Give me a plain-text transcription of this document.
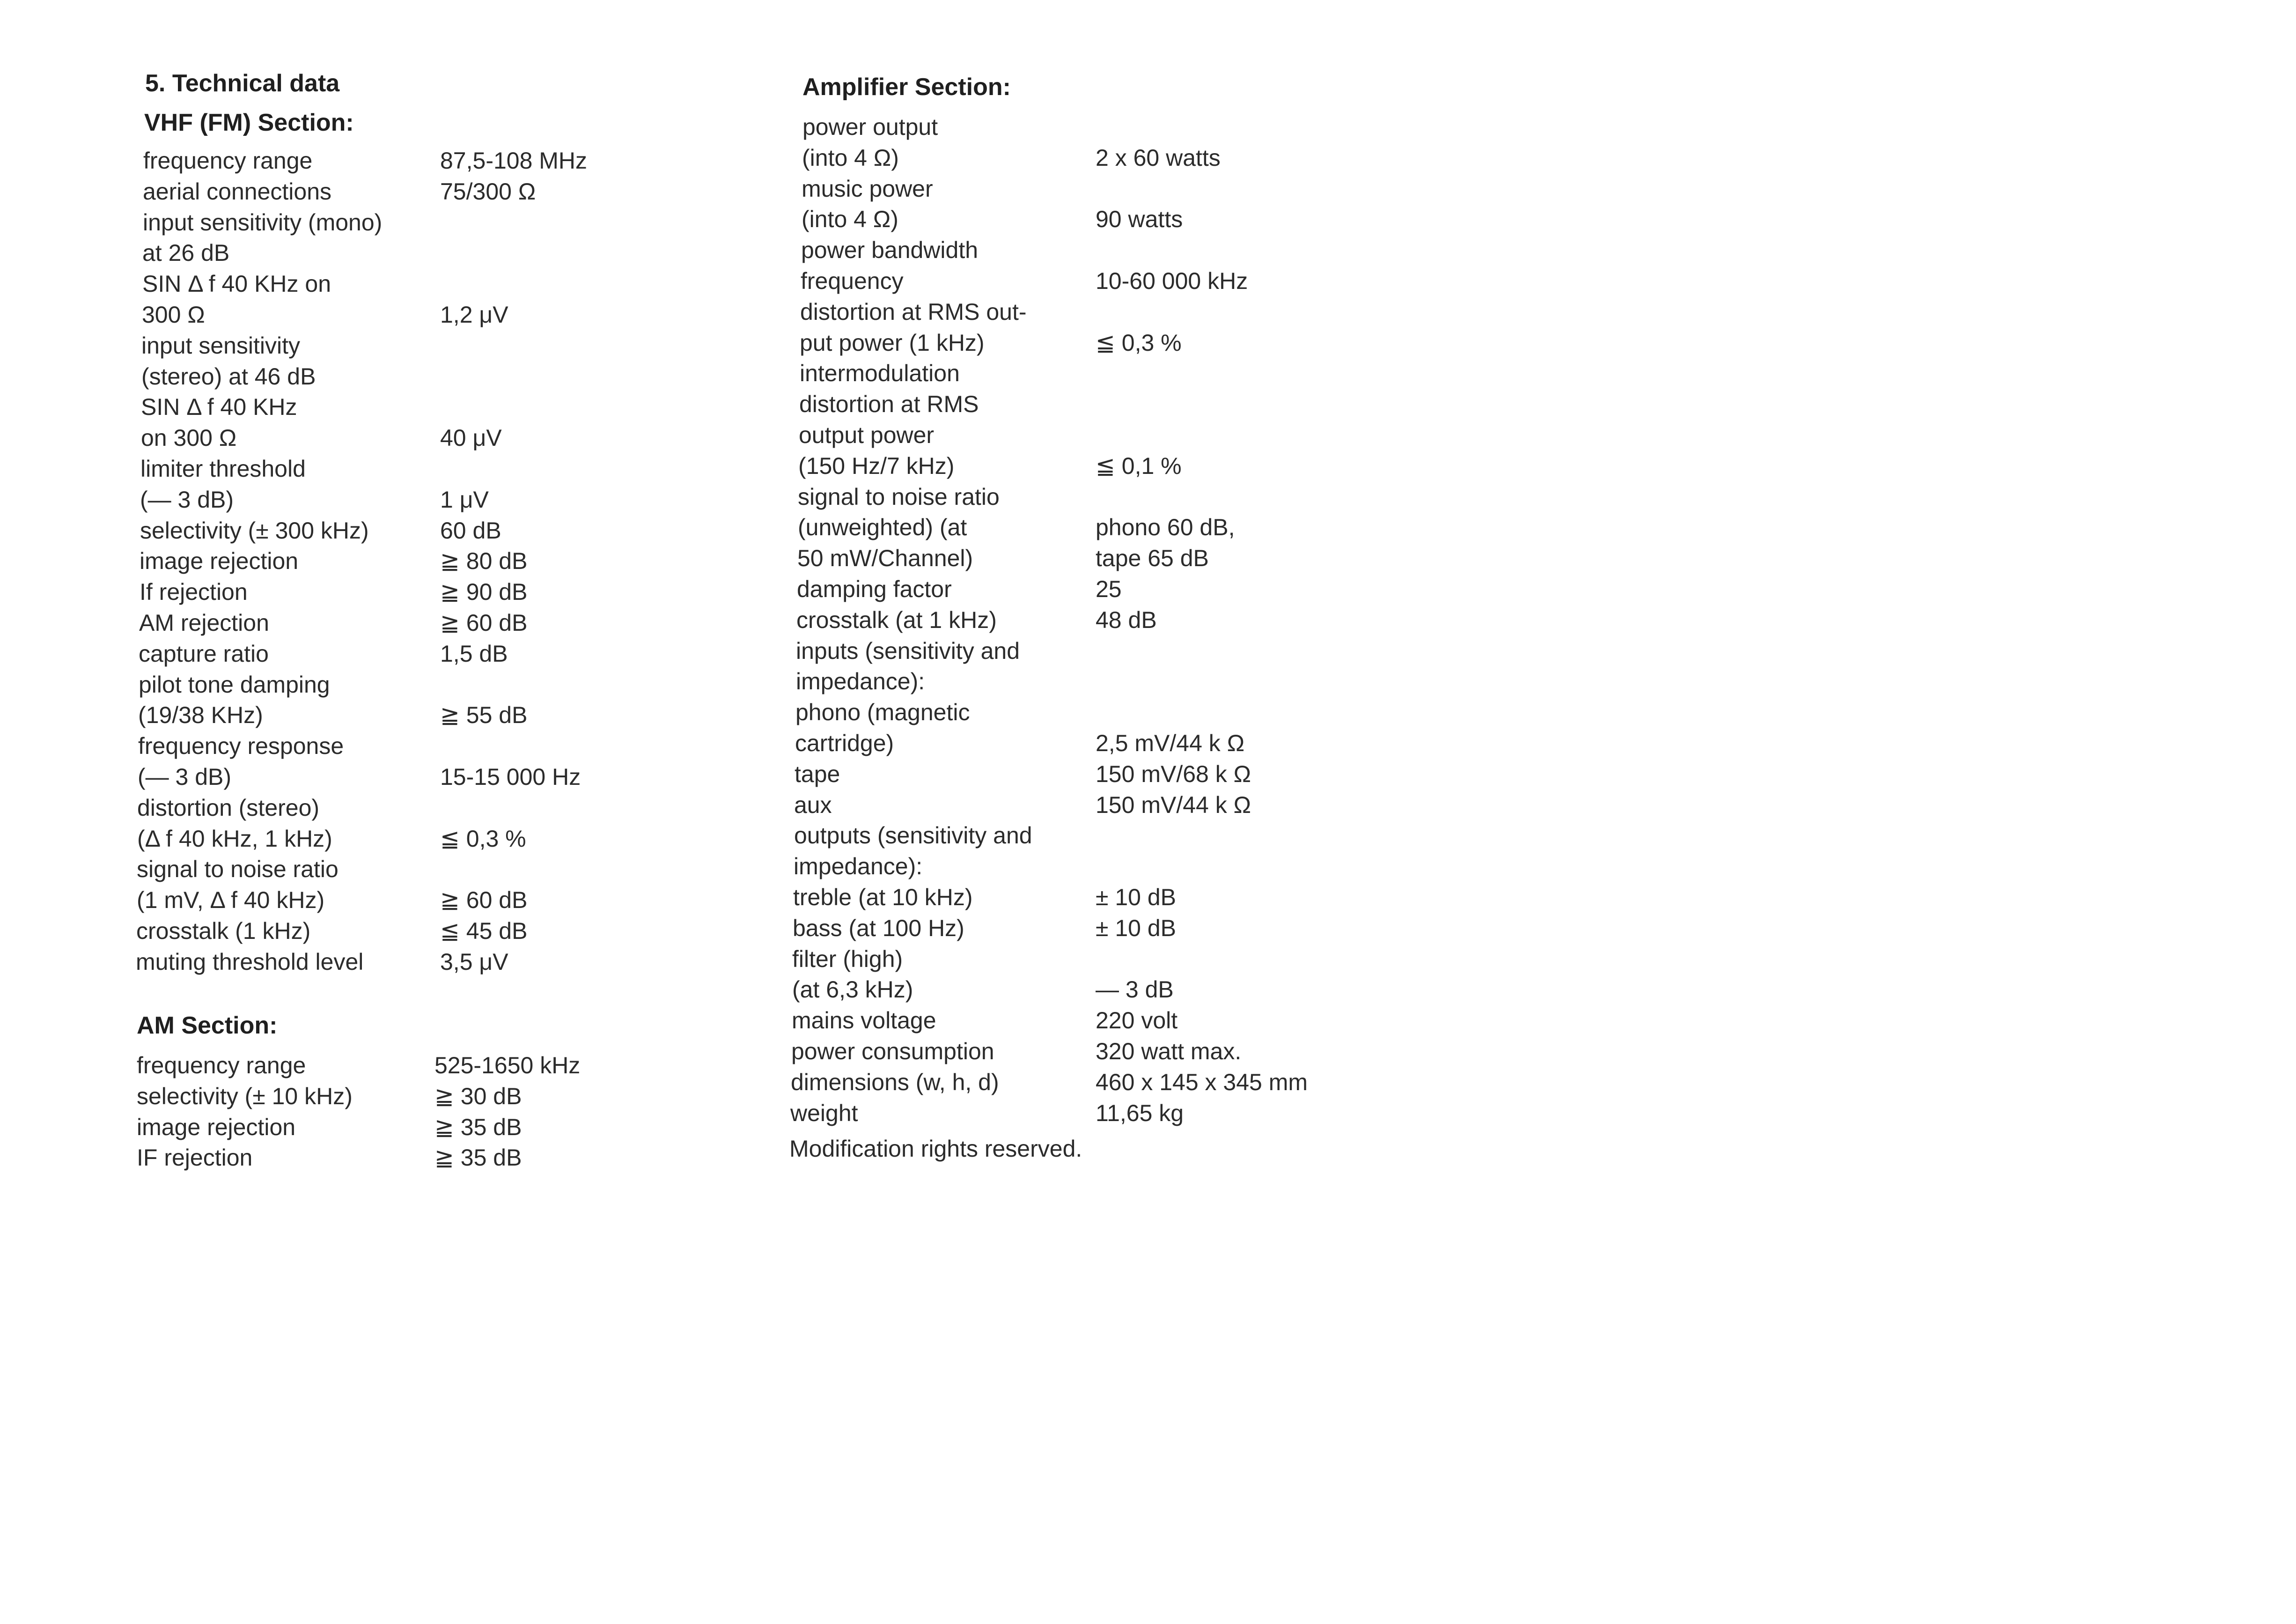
5. Technical data
VHF (FM) Section:
frequency range	87,5-108 MHz
aerial connections	75/300 Ω
input sensitivity (mono)
at 26 dB
SIN Δ f 40 KHz on
300 Ω	1,2 μV
input sensitivity
(stereo) at 46 dB
SIN Δ f 40 KHz
on 300 Ω	40 μV
limiter threshold
(— 3 dB)	1 μV
selectivity (± 300 kHz)	60 dB
image rejection	≧ 80 dB
If rejection	≧ 90 dB
AM rejection	≧ 60 dB
capture ratio	1,5 dB
pilot tone damping
(19/38 KHz)	≧ 55 dB
frequency response
(— 3 dB)	15-15 000 Hz
distortion (stereo)
(Δ f 40 kHz, 1 kHz)	≦ 0,3 %
signal to noise ratio
(1 mV, Δ f 40 kHz)	≧ 60 dB
crosstalk (1 kHz)	≦ 45 dB
muting threshold level	3,5 μV
AM Section:
frequency range	525-1650 kHz
selectivity (± 10 kHz)	≧ 30 dB
image rejection	≧ 35 dB
IF rejection	≧ 35 dB
Amplifier Section:
power output
(into 4 Ω)	2 x 60 watts
music power
(into 4 Ω)	90 watts
power bandwidth
frequency	10-60 000 kHz
distortion at RMS out-
put power (1 kHz)	≦ 0,3 %
intermodulation
distortion at RMS
output power
(150 Hz/7 kHz)	≦ 0,1 %
signal to noise ratio
(unweighted) (at	phono 60 dB,
50 mW/Channel)	tape 65 dB
damping factor	25
crosstalk (at 1 kHz)	48 dB
inputs (sensitivity and
impedance):
phono (magnetic
cartridge)	2,5 mV/44 k Ω
tape	150 mV/68 k Ω
aux	150 mV/44 k Ω
outputs (sensitivity and
impedance):
treble (at 10 kHz)	± 10 dB
bass (at 100 Hz)	± 10 dB
filter (high)
(at 6,3 kHz)	— 3 dB
mains voltage	220 volt
power consumption	320 watt max.
dimensions (w, h, d)	460 x 145 x 345 mm
weight	11,65 kg
Modification rights reserved.
